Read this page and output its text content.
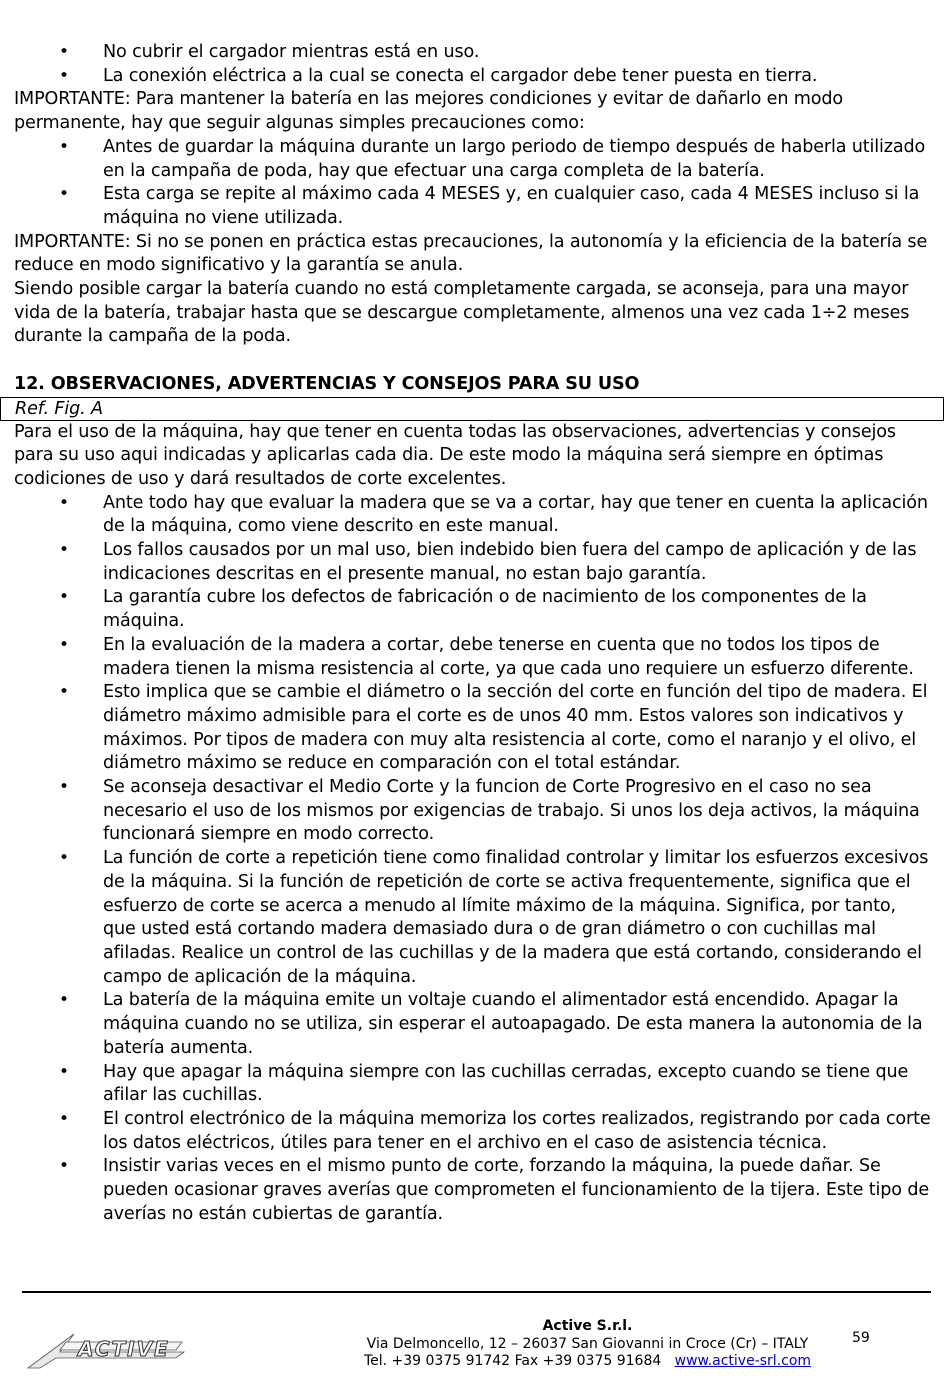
• No cubrir el cargador mientras está en uso.
• La conexión eléctrica a la cual se conecta el cargador debe tener puesta en tierra.

IMPORTANTE: Para mantener la batería en las mejores condiciones y evitar de dañarlo en modo permanente, hay que seguir algunas simples precauciones como:

• Antes de guardar la máquina durante un largo periodo de tiempo después de haberla utilizado en la campaña de poda, hay que efectuar una carga completa de la batería.
• Esta carga se repite al máximo cada 4 MESES y, en cualquier caso, cada 4 MESES incluso si la máquina no viene utilizada.

IMPORTANTE: Si no se ponen en práctica estas precauciones, la autonomía y la eficiencia de la batería se reduce en modo significativo y la garantía se anula.

Siendo posible cargar la batería cuando no está completamente cargada, se aconseja, para una mayor vida de la batería, trabajar hasta que se descargue completamente, almenos una vez cada 1÷2 meses durante la campaña de la poda.

12. OBSERVACIONES, ADVERTENCIAS Y CONSEJOS PARA SU USO
Ref. Fig. A

Para el uso de la máquina, hay que tener en cuenta todas las observaciones, advertencias y consejos para su uso aqui indicadas y aplicarlas cada dia. De este modo la máquina será siempre en óptimas codiciones de uso y dará resultados de corte excelentes.

• Ante todo hay que evaluar la madera que se va a cortar, hay que tener en cuenta la aplicación de la máquina, como viene descrito en este manual.
• Los fallos causados por un mal uso, bien indebido bien fuera del campo de aplicación y de las indicaciones descritas en el presente manual, no estan bajo garantía.
• La garantía cubre los defectos de fabricación o de nacimiento de los componentes de la máquina.
• En la evaluación de la madera a cortar, debe tenerse en cuenta que no todos los tipos de madera tienen la misma resistencia al corte, ya que cada uno requiere un esfuerzo diferente.
• Esto implica que se cambie el diámetro o la sección del corte en función del tipo de madera. El diámetro máximo admisible para el corte es de unos 40 mm. Estos valores son indicativos y máximos. Por tipos de madera con muy alta resistencia al corte, como el naranjo y el olivo, el diámetro máximo se reduce en comparación con el total estándar.
• Se aconseja desactivar el Medio Corte y la funcion de Corte Progresivo en el caso no sea necesario el uso de los mismos por exigencias de trabajo. Si unos los deja activos, la máquina funcionará siempre en modo correcto.
• La función de corte a repetición tiene como finalidad controlar y limitar los esfuerzos excesivos de la máquina. Si la función de repetición de corte se activa frequentemente, significa que el esfuerzo de corte se acerca a menudo al límite máximo de la máquina. Significa, por tanto, que usted está cortando madera demasiado dura o de gran diámetro o con cuchillas mal afiladas. Realice un control de las cuchillas y de la madera que está cortando, considerando el campo de aplicación de la máquina.
• La batería de la máquina emite un voltaje cuando el alimentador está encendido. Apagar la máquina cuando no se utiliza, sin esperar el autoapagado. De esta manera la autonomia de la batería aumenta.
• Hay que apagar la máquina siempre con las cuchillas cerradas, excepto cuando se tiene que afilar las cuchillas.
• El control electrónico de la máquina memoriza los cortes realizados, registrando por cada corte los datos eléctricos, útiles para tener en el archivo en el caso de asistencia técnica.
• Insistir varias veces en el mismo punto de corte, forzando la máquina, la puede dañar. Se pueden ocasionar graves averías que comprometen el funcionamiento de la tijera. Este tipo de averías no están cubiertas de garantía.
ACTIVE
Active S.r.l.
Via Delmoncello, 12 – 26037 San Giovanni in Croce (Cr) – ITALY
Tel. +39 0375 91742 Fax +39 0375 91684 www.active-srl.com
59
